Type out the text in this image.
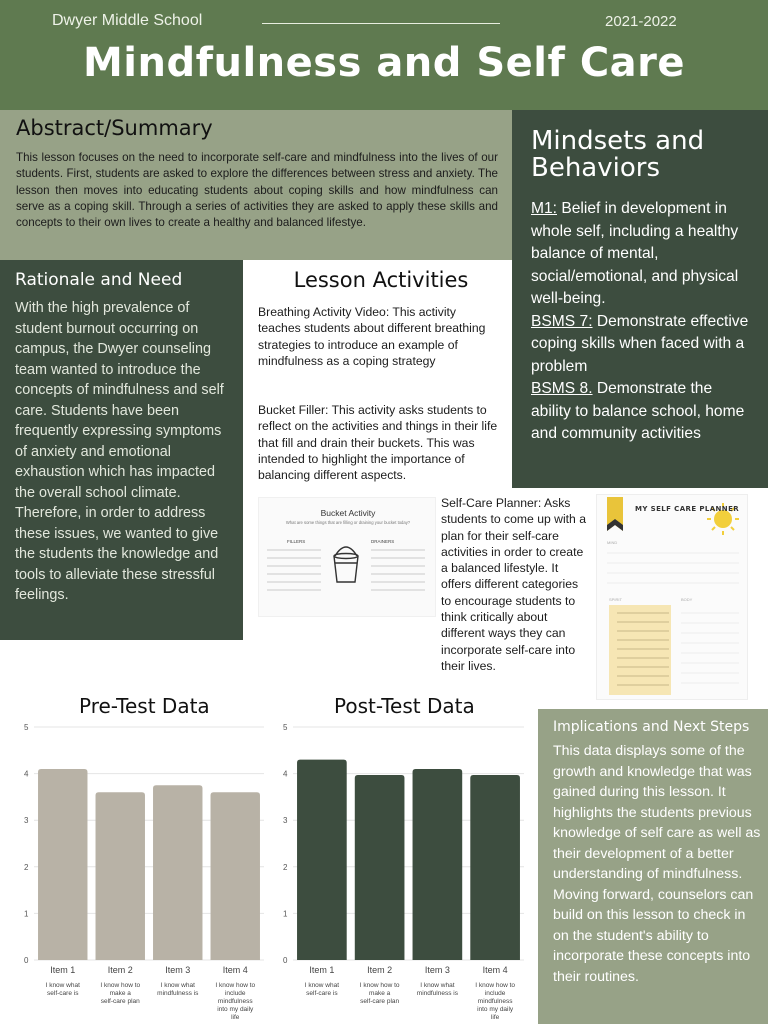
Dwyer Middle School	2021-2022
Mindfulness and Self Care
Abstract/Summary

This lesson focuses on the need to incorporate self-care and mindfulness into the lives of our students. First, students are asked to explore the differences between stress and anxiety. The lesson then moves into educating students about coping skills and how mindfulness can serve as a coping skill. Through a series of activities they are asked to apply these skills and concepts to their own lives to create a healthy and balanced lifestye.

Mindsets and Behaviors

M1: Belief in development in whole self, including a healthy balance of mental, social/emotional, and physical well-being.
BSMS 7: Demonstrate effective coping skills when faced with a problem
BSMS 8. Demonstrate the ability to balance school, home and community activities

Rationale and Need

With the high prevalence of student burnout occurring on campus, the Dwyer counseling team wanted to introduce the concepts of mindfulness and self care. Students have been frequently expressing symptoms of anxiety and emotional exhaustion which has impacted the overall school climate. Therefore, in order to address these issues, we wanted to give the students the knowledge and tools to alleviate these stressful feelings.

Lesson Activities
Breathing Activity Video: This activity teaches students about different breathing strategies to introduce an example of mindfulness as a coping strategy
Bucket Filler: This activity asks students to reflect on the activities and things in their life that fill and drain their buckets. This was intended to highlight the importance of balancing different aspects.
Self-Care Planner: Asks students to come up with a plan for their self-care activities in order to create a balanced lifestyle. It offers different categories to encourage students to think critically about different ways they can incorporate self-care into their lives.
Bucket Activity
What are some things that are filling or draining your bucket today?
FILLERS	DRAINERS
MY SELF CARE PLANNER
MIND
SPIRIT	BODY
Pre-Test Data	Post-Test Data
0
1
2
3
4
5
Item 1
I know what self-care is
Item 2
I know how to make a self-care plan
Item 3
I know what mindfulness is
Item 4
I know how to include mindfulness into my daily life
0
1
2
3
4
5
Item 1
I know what self-care is
Item 2
I know how to make a self-care plan
Item 3
I know what mindfulness is
Item 4
I know how to include mindfulness into my daily life
Implications and Next Steps

This data displays some of the growth and knowledge that was gained during this lesson. It highlights the students previous knowledge of self care as well as their development of a better understanding of mindfulness. Moving forward, counselors can build on this lesson to check in on the student's ability to incorporate these concepts into their routines.
